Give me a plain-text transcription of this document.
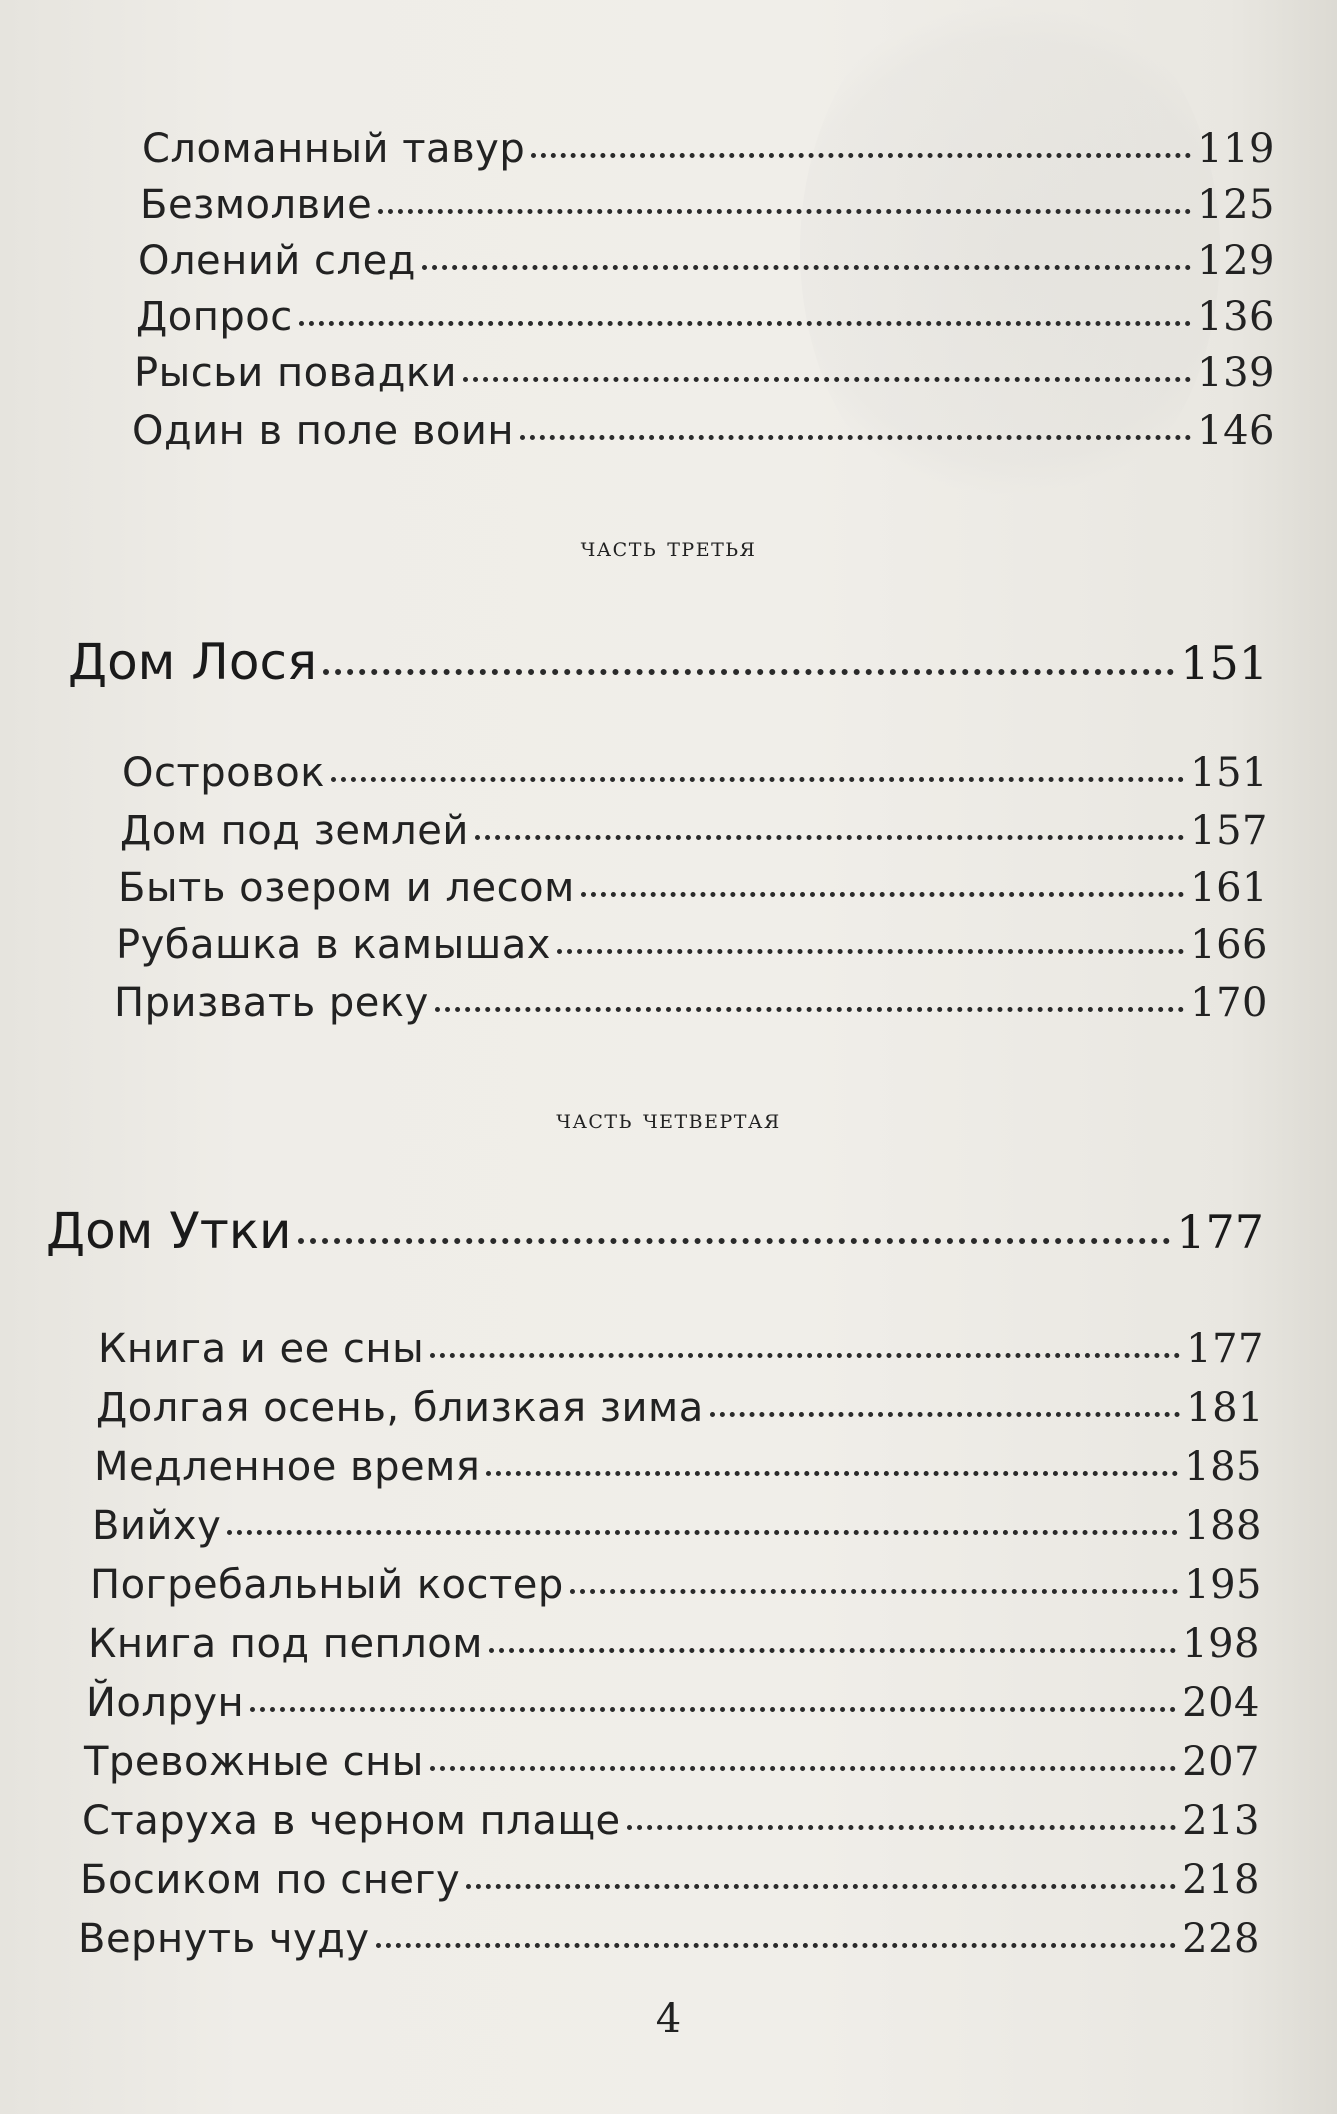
Сломанный тавур	119
Безмолвие	125
Олений след	129
Допрос	136
Рысьи повадки	139
Один в поле воин	146
часть третья
Дом Лося	151
Островок	151
Дом под землей	157
Быть озером и лесом	161
Рубашка в камышах	166
Призвать реку	170
часть четвертая
Дом Утки	177
Книга и ее сны	177
Долгая осень, близкая зима	181
Медленное время	185
Вийху	188
Погребальный костер	195
Книга под пеплом	198
Йолрун	204
Тревожные сны	207
Старуха в черном плаще	213
Босиком по снегу	218
Вернуть чуду	228
4
